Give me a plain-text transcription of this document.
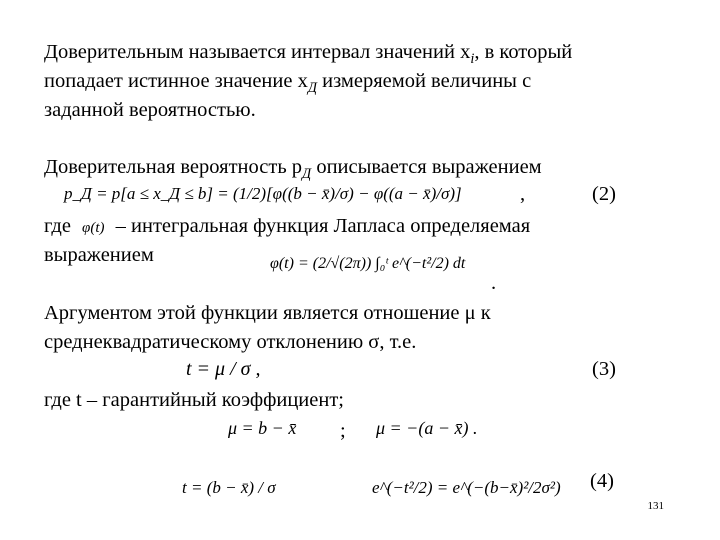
Доверительным называется интервал значений $x_i$, в который
попадает истинное значение $x_Д$ измеряемой величины с
заданной вероятностью.
Доверительная вероятность $p_Д$ описывается выражением
p_Д = p[a ≤ x_Д ≤ b] = (1/2)[φ((b − x̄)/σ) − φ((a − x̄)/σ)]	,	(2)
где φ(t) – интегральная функция Лапласа определяемая
выражением	φ(t) = (2/√(2π)) ∫₀ᵗ e^(−t²/2) dt
.
Аргументом этой функции является отношение μ к
среднеквадратическому отклонению σ, т.е.
t = μ / σ ,	(3)
где t – гарантийный коэффициент;
μ = b − x̄ ; μ = −(a − x̄) .
t = (b − x̄) / σ	e^(−t²/2) = e^(−(b−x̄)²/2σ²) (4)
131
